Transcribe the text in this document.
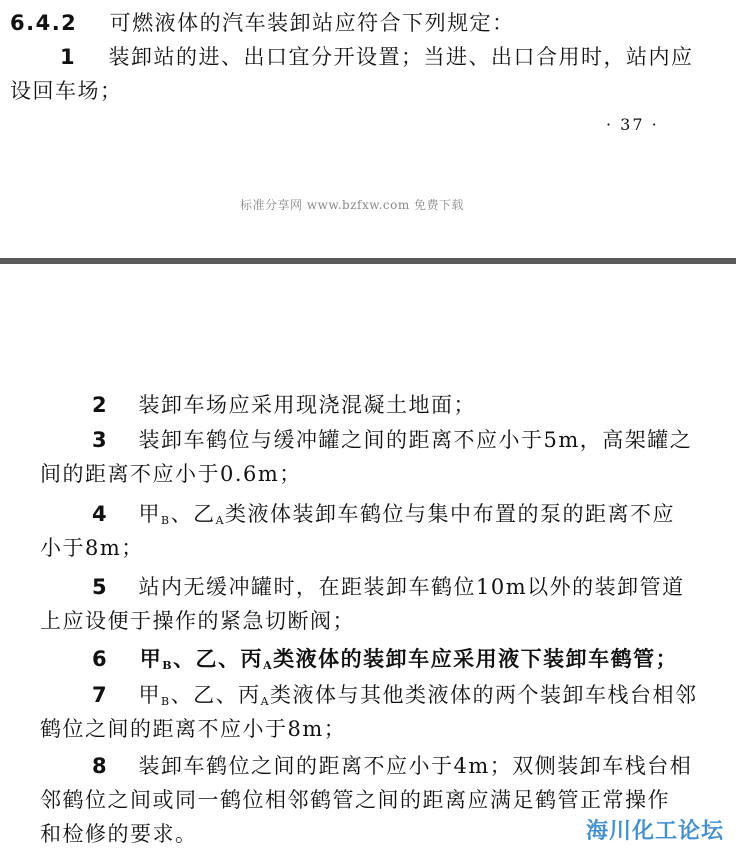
6.4.2 可燃液体的汽车装卸站应符合下列规定：
1 装卸站的进、出口宜分开设置；当进、出口合用时，站内应
设回车场；
· 37 ·
标准分享网 www.bzfxw.com 免费下载
2 装卸车场应采用现浇混凝土地面；
3 装卸车鹤位与缓冲罐之间的距离不应小于5m，高架罐之
间的距离不应小于0.6m；
4 甲$_B$、乙$_A$类液体装卸车鹤位与集中布置的泵的距离不应
小于8m；
5 站内无缓冲罐时，在距装卸车鹤位10m以外的装卸管道
上应设便于操作的紧急切断阀；
6 甲$_B$、乙、丙$_A$类液体的装卸车应采用液下装卸车鹤管；
7 甲$_B$、乙、丙$_A$类液体与其他类液体的两个装卸车栈台相邻
鹤位之间的距离不应小于8m；
8 装卸车鹤位之间的距离不应小于4m；双侧装卸车栈台相
邻鹤位之间或同一鹤位相邻鹤管之间的距离应满足鹤管正常操作
和检修的要求。	海川化工论坛
